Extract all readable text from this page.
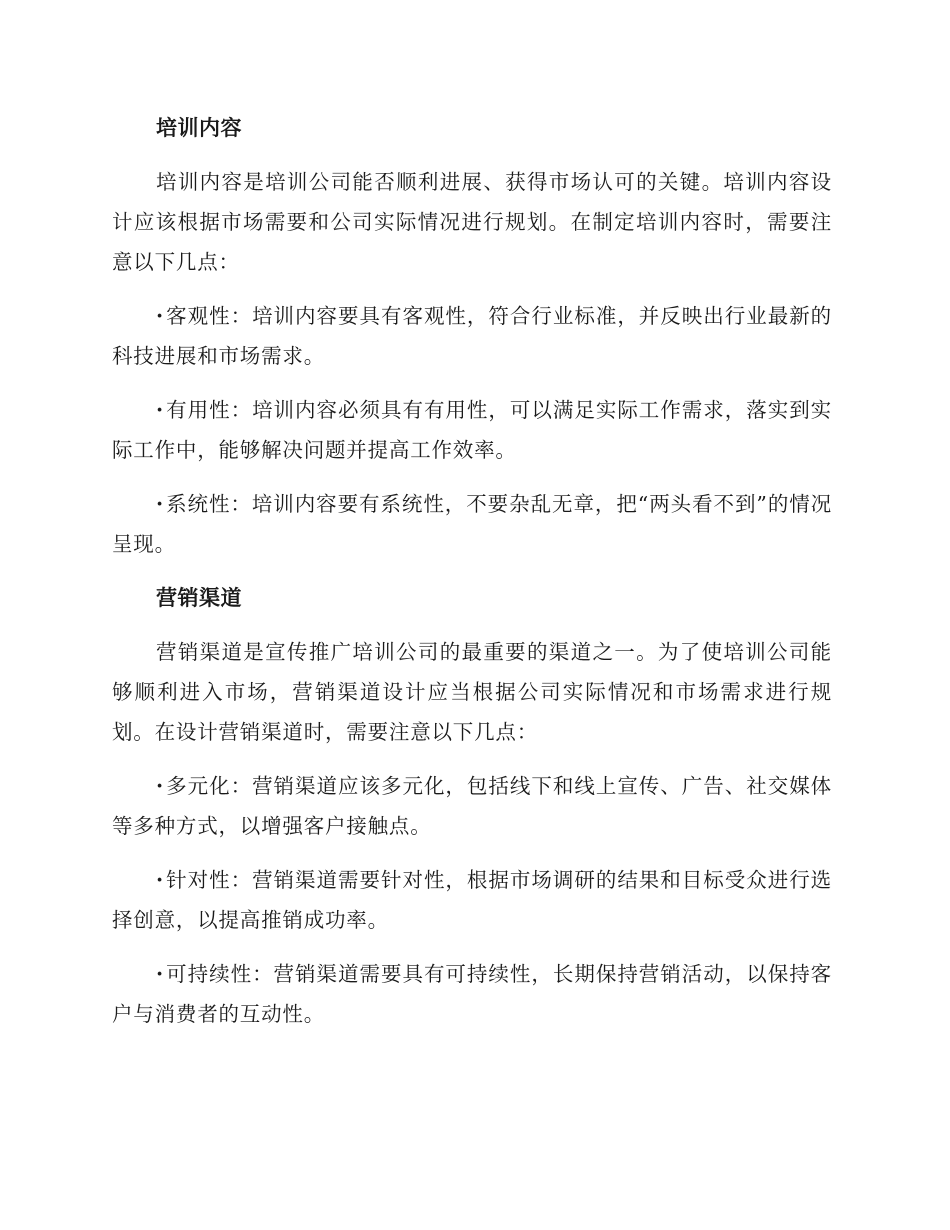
培训内容

培训内容是培训公司能否顺利进展、获得市场认可的关键。培训内容设计应该根据市场需要和公司实际情况进行规划。在制定培训内容时，需要注意以下几点：

·客观性：培训内容要具有客观性，符合行业标准，并反映出行业最新的科技进展和市场需求。

·有用性：培训内容必须具有有用性，可以满足实际工作需求，落实到实际工作中，能够解决问题并提高工作效率。

·系统性：培训内容要有系统性，不要杂乱无章，把“两头看不到”的情况呈现。

营销渠道

营销渠道是宣传推广培训公司的最重要的渠道之一。为了使培训公司能够顺利进入市场，营销渠道设计应当根据公司实际情况和市场需求进行规划。在设计营销渠道时，需要注意以下几点：

·多元化：营销渠道应该多元化，包括线下和线上宣传、广告、社交媒体等多种方式，以增强客户接触点。

·针对性：营销渠道需要针对性，根据市场调研的结果和目标受众进行选择创意，以提高推销成功率。

·可持续性：营销渠道需要具有可持续性，长期保持营销活动，以保持客户与消费者的互动性。
